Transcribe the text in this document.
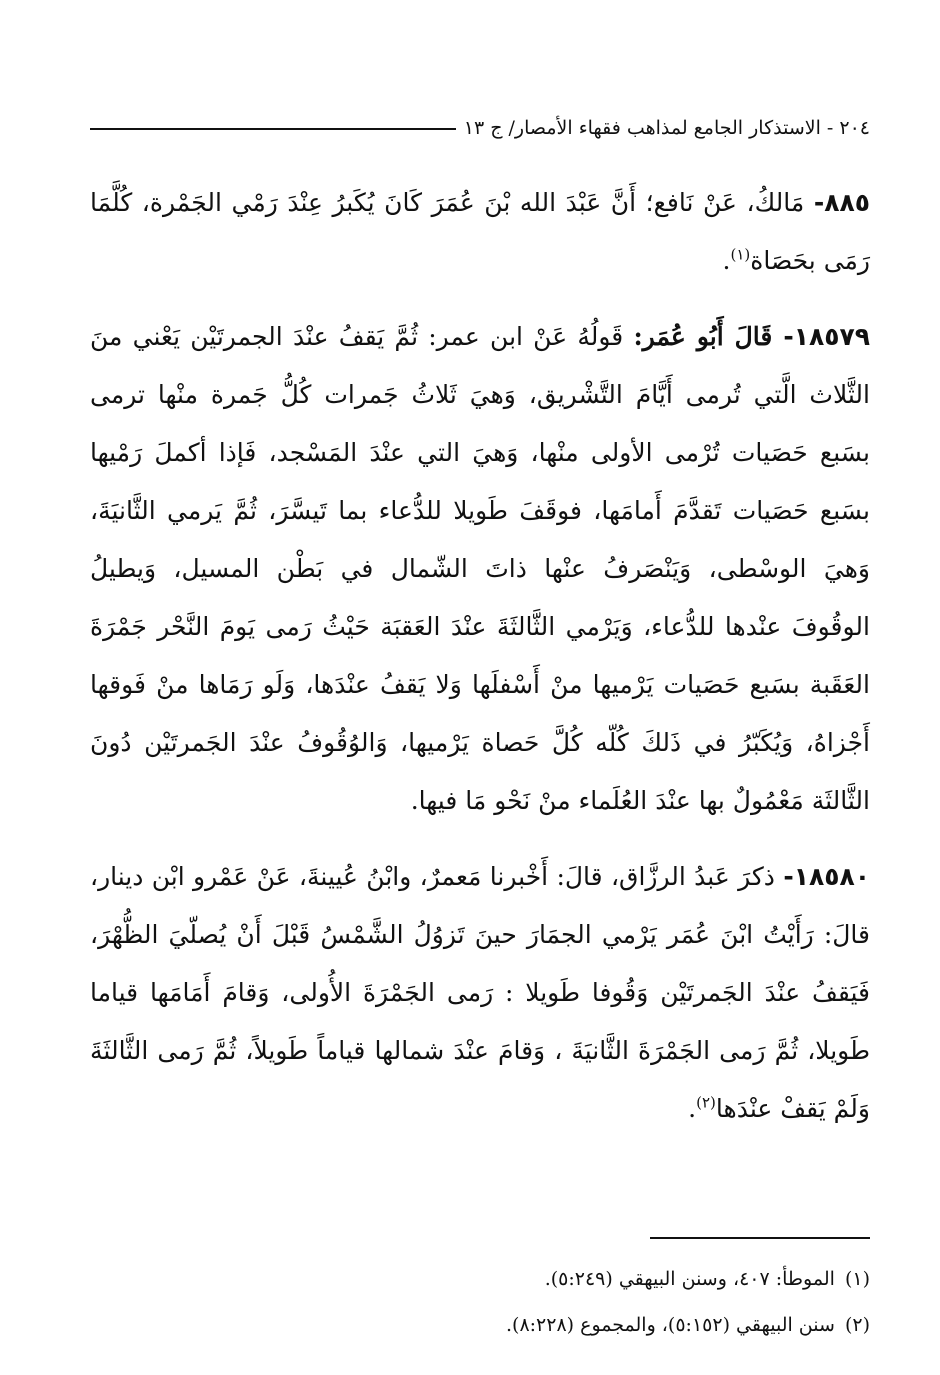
٢٠٤ - الاستذكار الجامع لمذاهب فقهاء الأمصار/ ج ١٣

٨٨٥- مَالكُ، عَنْ نَافع؛ أَنَّ عَبْدَ الله بْنَ عُمَرَ كَانَ يُكَبرُ عِنْدَ رَمْي الجَمْرة، كُلَّمَا رَمَى بحَصَاة$^{(١)}$.

١٨٥٧٩- قَالَ أَبُو عُمَر: قَولُهُ عَنْ ابن عمر: ثُمَّ يَقفُ عنْدَ الجمرتَيْن يَعْني منَ الثَّلاث الَّتي تُرمى أَيَّامَ التَّشْريق، وَهيَ ثَلاثُ جَمرات كُلُّ جَمرة منْها ترمى بسَبع حَصَيات تُرْمى الأولى منْها، وَهيَ التي عنْدَ المَسْجد، فَإذا أكملَ رَمْيها بسَبع حَصَيات تَقدَّمَ أَمامَها، فوقَفَ طَويلا للدُّعاء بما تَيسَّرَ، ثُمَّ يَرمي الثَّانيَةَ، وَهيَ الوسْطى، وَيَنْصَرفُ عنْها ذاتَ الشّمال في بَطْن المسيل، وَيطيلُ الوقُوفَ عنْدها للدُّعاء، وَيَرْمي الثَّالثَةَ عنْدَ العَقبَة حَيْثُ رَمى يَومَ النَّحْر جَمْرَةَ العَقَبة بسَبع حَصَيات يَرْميها منْ أَسْفلَها وَلا يَقفُ عنْدَها، وَلَو رَمَاها منْ فَوقها أَجْزاهُ، وَيُكَبّرُ في ذَلكَ كُلّه كُلَّ حَصاة يَرْميها، وَالوُقُوفُ عنْدَ الجَمرتَيْن دُونَ الثَّالثَة مَعْمُولٌ بها عنْدَ العُلَماء منْ نَحْو مَا فيها.

١٨٥٨٠- ذكرَ عَبدُ الرزَّاق، قالَ: أَخْبرنا مَعمرٌ، وابْنُ عُيينةَ، عَنْ عَمْرو ابْن دينار، قالَ: رَأَيْتُ ابْنَ عُمَر يَرْمي الجمَارَ حينَ تَزوُلُ الشَّمْسُ قَبْلَ أَنْ يُصلّيَ الظُّهْرَ، فَيَقفُ عنْدَ الجَمرتَيْن وَقُوفا طَويلا : رَمى الجَمْرَةَ الأُولى، وَقامَ أَمَامَها قياما طَويلا، ثُمَّ رَمى الجَمْرَةَ الثَّانيَةَ ، وَقامَ عنْدَ شمالها قياماً طَويلاً، ثُمَّ رَمى الثَّالثَةَ وَلَمْ يَقفْ عنْدَها$^{(٢)}$.

(١)الموطأ: ٤٠٧، وسنن البيهقي (٥:٢٤٩).

(٢)سنن البيهقي (٥:١٥٢)، والمجموع (٨:٢٢٨).
